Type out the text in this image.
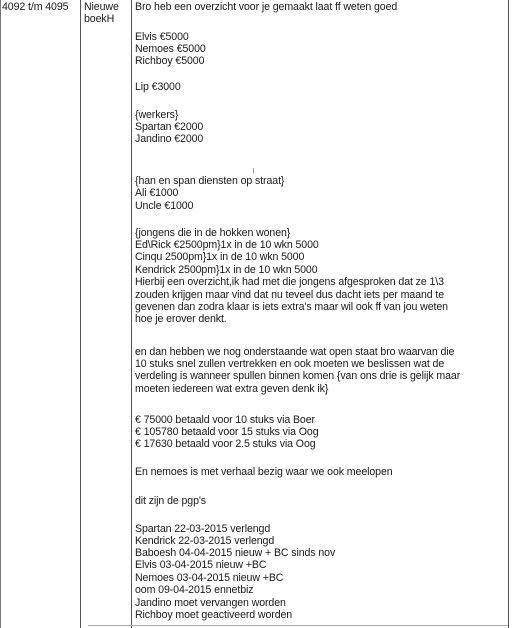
4092 t/m 4095 Nieuwe
boekH
Bro heb een overzicht voor je gemaakt laat ff weten goed
Elvis €5000
Nemoes €5000
Richboy €5000
Lip €3000
{werkers}
Spartan €2000
Jandino €2000
{han en span diensten op straat}
Ali €1000
Uncle €1000
{jongens die in de hokken wonen}
Ed\Rick €2500pm}1x in de 10 wkn 5000
Cinqu 2500pm}1x in de 10 wkn 5000
Kendrick 2500pm}1x in de 10 wkn 5000
Hierbij een overzicht,ik had met die jongens afgesproken dat ze 1\3
zouden krijgen maar vind dat nu teveel dus dacht iets per maand te
gevenen dan zodra klaar is iets extra's maar wil ook ff van jou weten
hoe je erover denkt.
en dan hebben we nog onderstaande wat open staat bro waarvan die
10 stuks snel zullen vertrekken en ook moeten we beslissen wat de
verdeling is wanneer spullen binnen komen {van ons drie is gelijk maar
moeten iedereen wat extra geven denk ik}
€ 75000 betaald voor 10 stuks via Boer
€ 105780 betaald voor 15 stuks via Oog
€ 17630 betaald voor 2.5 stuks via Oog
En nemoes is met verhaal bezig waar we ook meelopen
dit zijn de pgp's
Spartan 22-03-2015 verlengd
Kendrick 22-03-2015 verlengd
Baboesh 04-04-2015 nieuw + BC sinds nov
Elvis 03-04-2015 nieuw +BC
Nemoes 03-04-2015 nieuw +BC
oom 09-04-2015 ennetbiz
Jandino moet vervangen worden
Richboy moet geactiveerd worden
